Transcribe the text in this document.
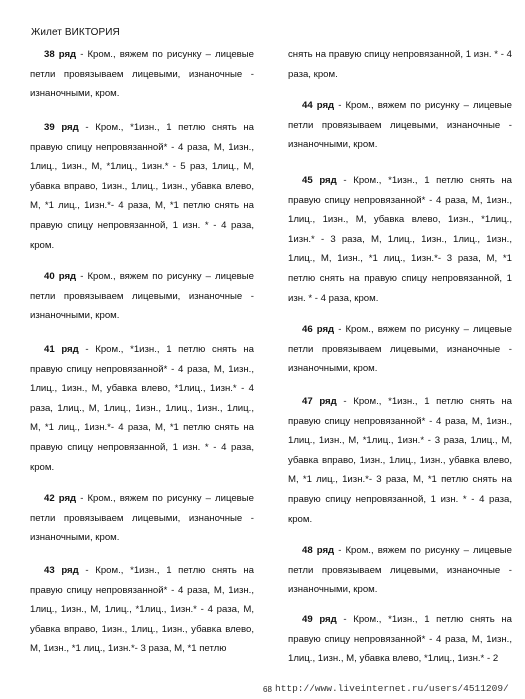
Жилет ВИКТОРИЯ

38 ряд - Кром., вяжем по рисунку – лицевые петли провязываем лицевыми, изнаночные - изнаночными, кром.

39 ряд - Кром., *1изн., 1 петлю снять на правую спицу непровязанной* - 4 раза, М, 1изн., 1лиц., 1изн., М, *1лиц., 1изн.* - 5 раз, 1лиц., М, убавка вправо, 1изн., 1лиц., 1изн., убавка влево, М, *1 лиц., 1изн.*- 4 раза, М, *1 петлю снять на правую спицу непровязанной, 1 изн. * - 4 раза, кром.

40 ряд - Кром., вяжем по рисунку – лицевые петли провязываем лицевыми, изнаночные - изнаночными, кром.

41 ряд - Кром., *1изн., 1 петлю снять на правую спицу непровязанной* - 4 раза, М, 1изн., 1лиц., 1изн., М, убавка влево, *1лиц., 1изн.* - 4 раза, 1лиц., М, 1лиц., 1изн., 1лиц., 1изн., 1лиц., М, *1 лиц., 1изн.*- 4 раза, М, *1 петлю снять на правую спицу непровязанной, 1 изн. * - 4 раза, кром.

42 ряд - Кром., вяжем по рисунку – лицевые петли провязываем лицевыми, изнаночные - изнаночными, кром.

43 ряд - Кром., *1изн., 1 петлю снять на правую спицу непровязанной* - 4 раза, М, 1изн., 1лиц., 1изн., М, 1лиц., *1лиц., 1изн.* - 4 раза, М, убавка вправо, 1изн., 1лиц., 1изн., убавка влево, М, 1изн., *1 лиц., 1изн.*- 3 раза, М, *1 петлю

снять на правую спицу непровязанной, 1 изн. * - 4 раза, кром.

44 ряд - Кром., вяжем по рисунку – лицевые петли провязываем лицевыми, изнаночные - изнаночными, кром.

45 ряд - Кром., *1изн., 1 петлю снять на правую спицу непровязанной* - 4 раза, М, 1изн., 1лиц., 1изн., М, убавка влево, 1изн., *1лиц., 1изн.* - 3 раза, М, 1лиц., 1изн., 1лиц., 1изн., 1лиц., М, 1изн., *1 лиц., 1изн.*- 3 раза, М, *1 петлю снять на правую спицу непровязанной, 1 изн. * - 4 раза, кром.

46 ряд - Кром., вяжем по рисунку – лицевые петли провязываем лицевыми, изнаночные - изнаночными, кром.

47 ряд - Кром., *1изн., 1 петлю снять на правую спицу непровязанной* - 4 раза, М, 1изн., 1лиц., 1изн., М, *1лиц., 1изн.* - 3 раза, 1лиц., М, убавка вправо, 1изн., 1лиц., 1изн., убавка влево, М, *1 лиц., 1изн.*- 3 раза, М, *1 петлю снять на правую спицу непровязанной, 1 изн. * - 4 раза, кром.

48 ряд - Кром., вяжем по рисунку – лицевые петли провязываем лицевыми, изнаночные - изнаночными, кром.

49 ряд - Кром., *1изн., 1 петлю снять на правую спицу непровязанной* - 4 раза, М, 1изн., 1лиц., 1изн., М, убавка влево, *1лиц., 1изн.* - 2

68 http://www.liveinternet.ru/users/4511209/
